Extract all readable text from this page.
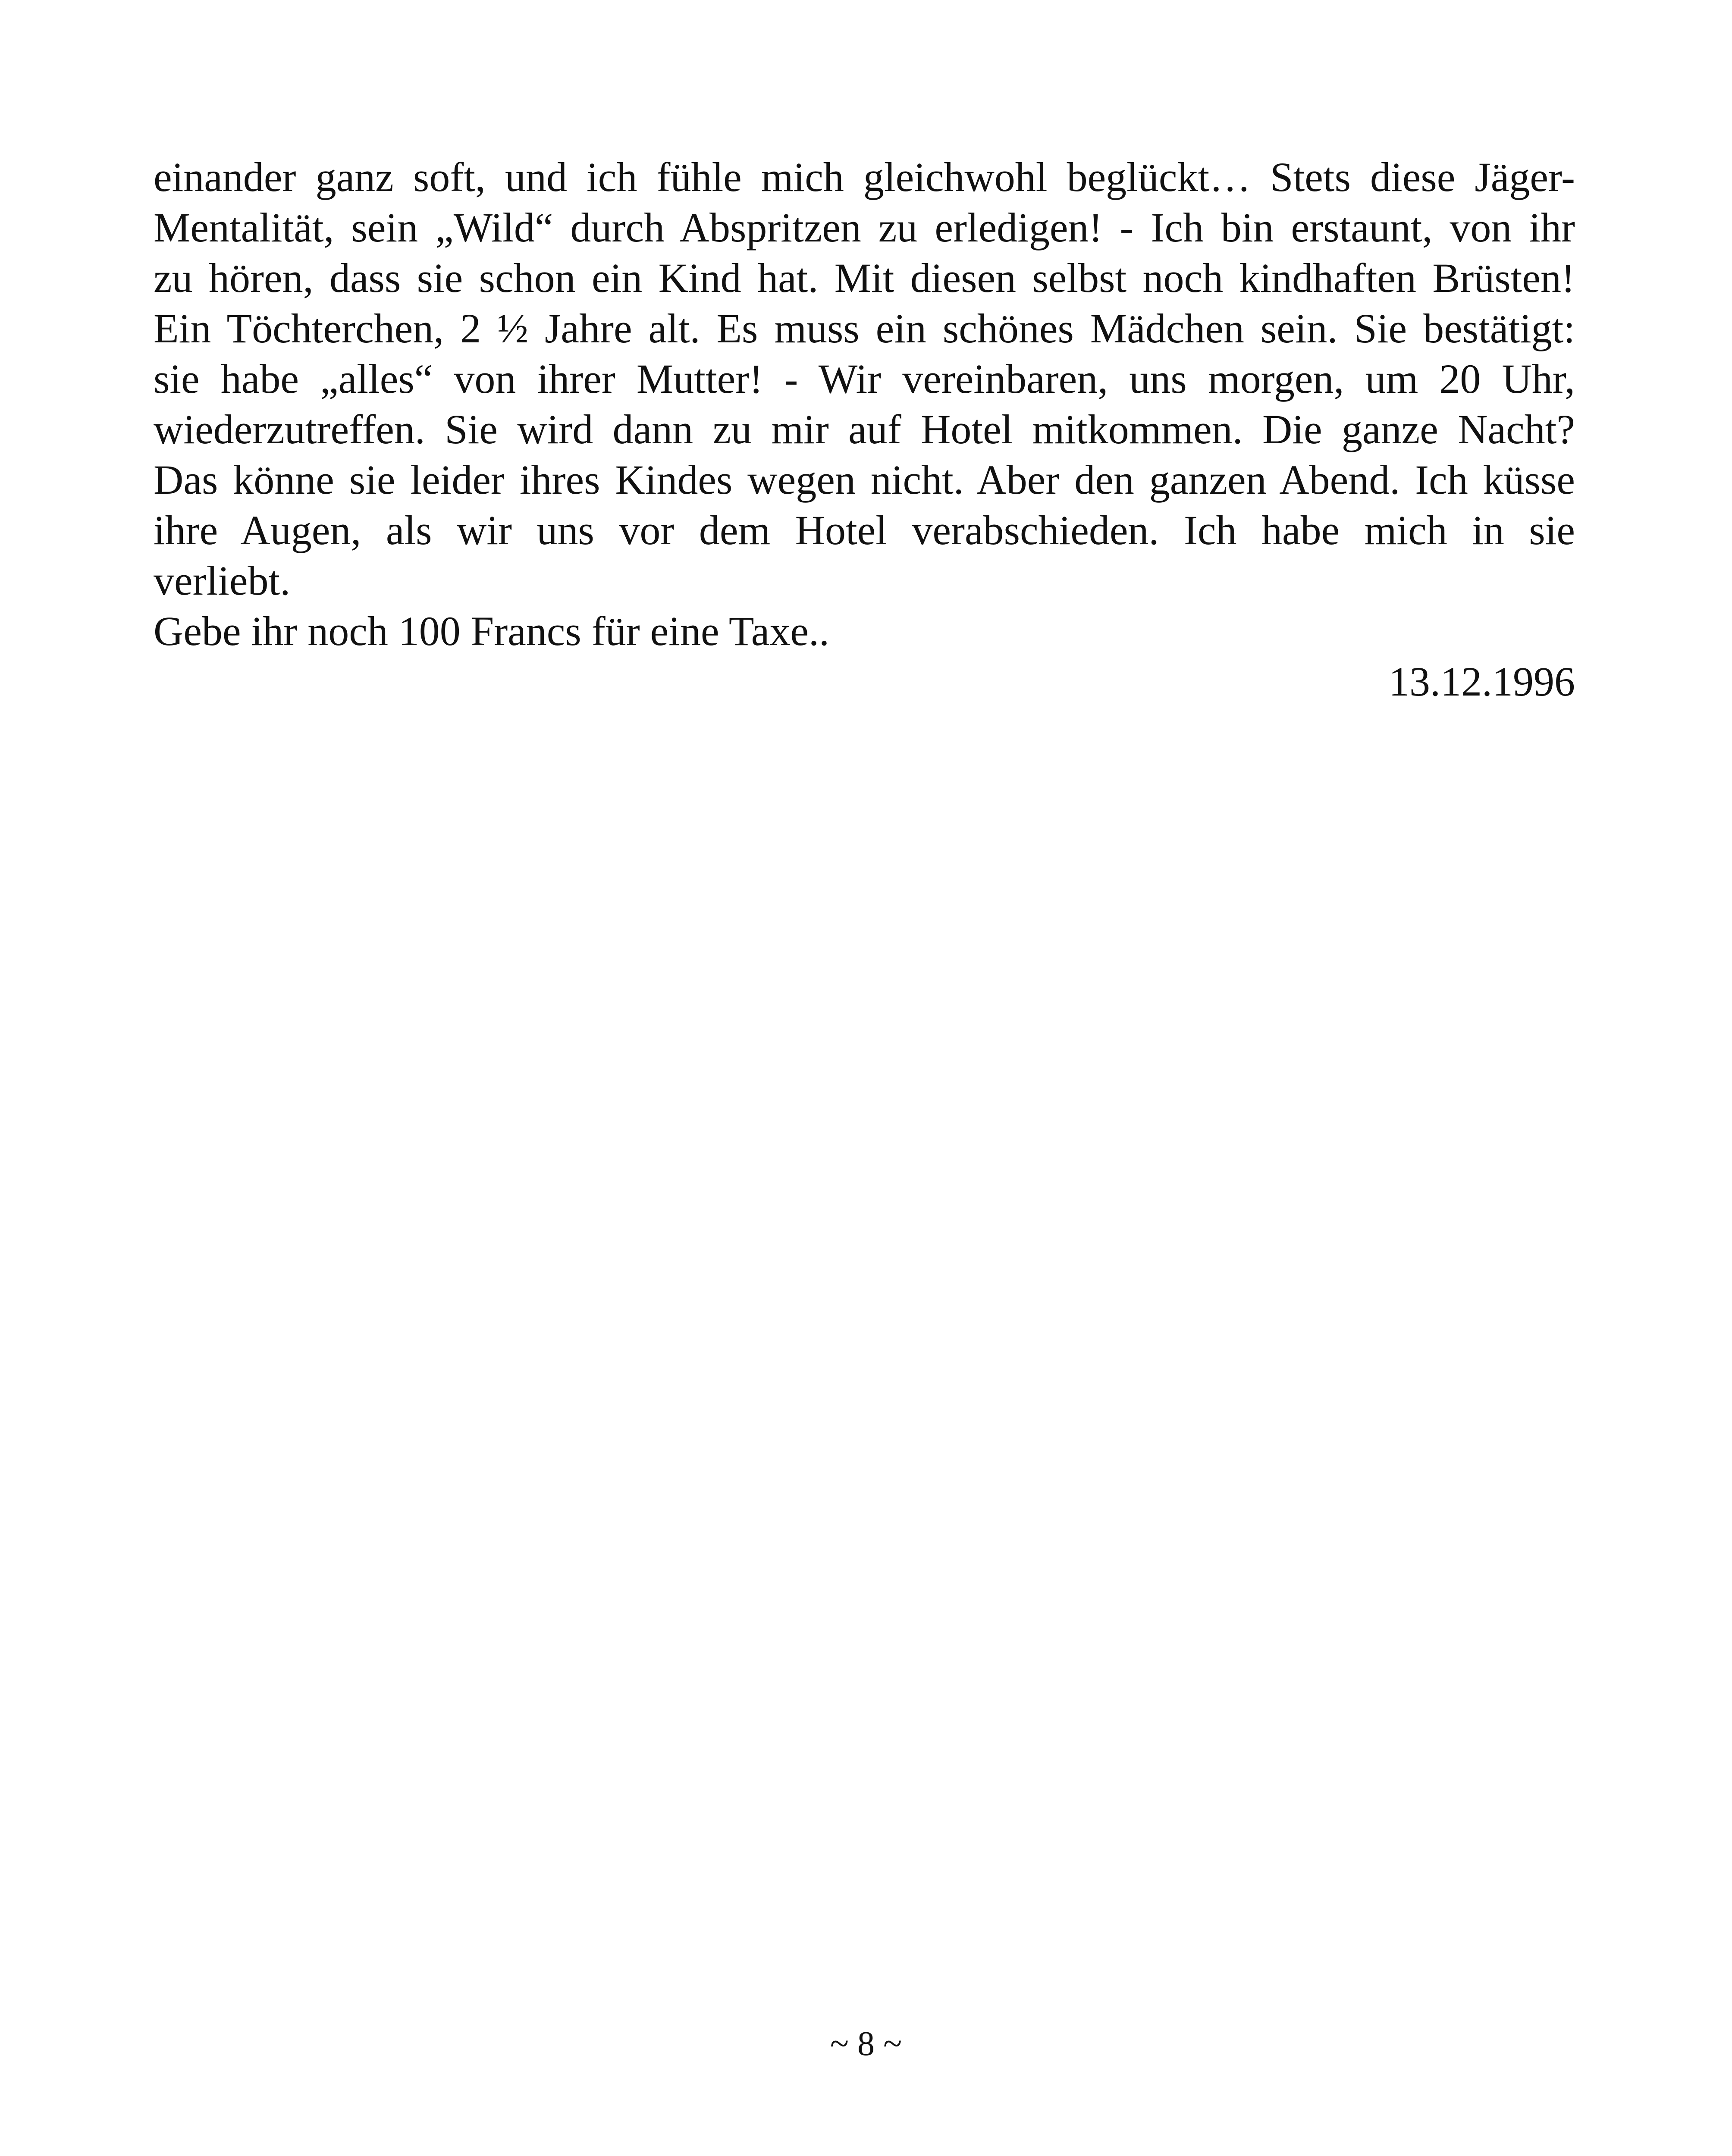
einander ganz soft, und ich fühle mich gleichwohl beglückt… Stets diese Jäger-
Mentalität, sein „Wild“ durch Abspritzen zu erledigen! - Ich bin erstaunt, von ihr
zu hören, dass sie schon ein Kind hat. Mit diesen selbst noch kindhaften Brüsten!
Ein Töchterchen, 2 ½ Jahre alt. Es muss ein schönes Mädchen sein. Sie bestätigt:
sie habe „alles“ von ihrer Mutter! - Wir vereinbaren, uns morgen, um 20 Uhr,
wiederzutreffen. Sie wird dann zu mir auf Hotel mitkommen. Die ganze Nacht?
Das könne sie leider ihres Kindes wegen nicht. Aber den ganzen Abend. Ich küsse
ihre Augen, als wir uns vor dem Hotel verabschieden. Ich habe mich in sie
verliebt.
Gebe ihr noch 100 Francs für eine Taxe..
13.12.1996
~ 8 ~
